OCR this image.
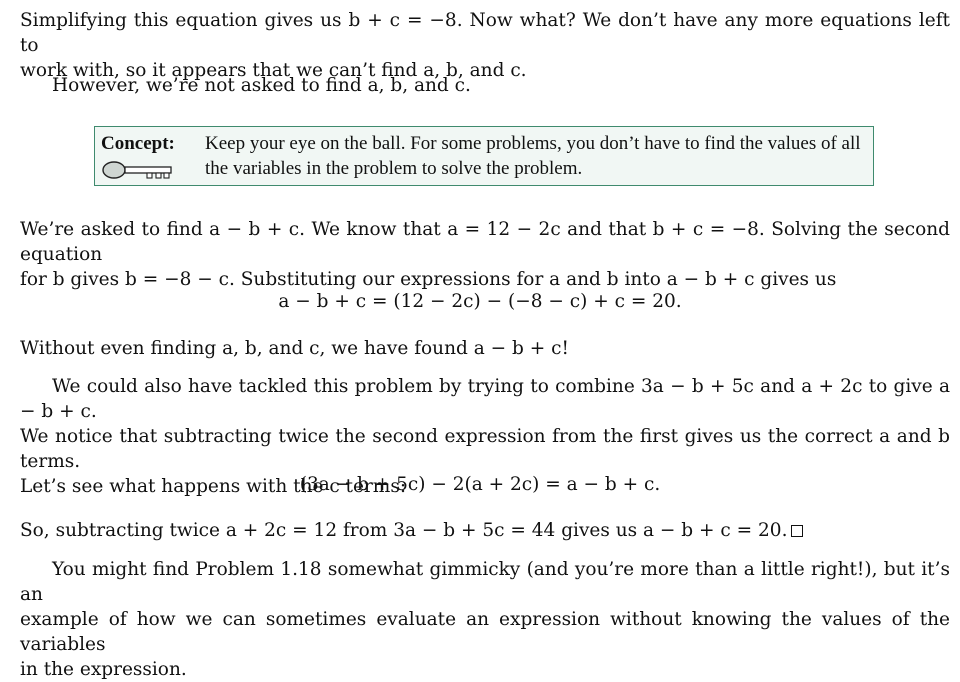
Simplifying this equation gives us b + c = −8. Now what? We don’t have any more equations left to
work with, so it appears that we can’t find a, b, and c.

However, we’re not asked to find a, b, and c.

Concept: Keep your eye on the ball. For some problems, you don’t have to find the values of all the variables in the problem to solve the problem.

We’re asked to find a − b + c. We know that a = 12 − 2c and that b + c = −8. Solving the second equation
for b gives b = −8 − c. Substituting our expressions for a and b into a − b + c gives us

a − b + c = (12 − 2c) − (−8 − c) + c = 20.

Without even finding a, b, and c, we have found a − b + c!

We could also have tackled this problem by trying to combine 3a − b + 5c and a + 2c to give a − b + c.
We notice that subtracting twice the second expression from the first gives us the correct a and b terms.
Let’s see what happens with the c terms:

(3a − b + 5c) − 2(a + 2c) = a − b + c.

So, subtracting twice a + 2c = 12 from 3a − b + 5c = 44 gives us a − b + c = 20.

You might find Problem 1.18 somewhat gimmicky (and you’re more than a little right!), but it’s an
example of how we can sometimes evaluate an expression without knowing the values of the variables
in the expression.
